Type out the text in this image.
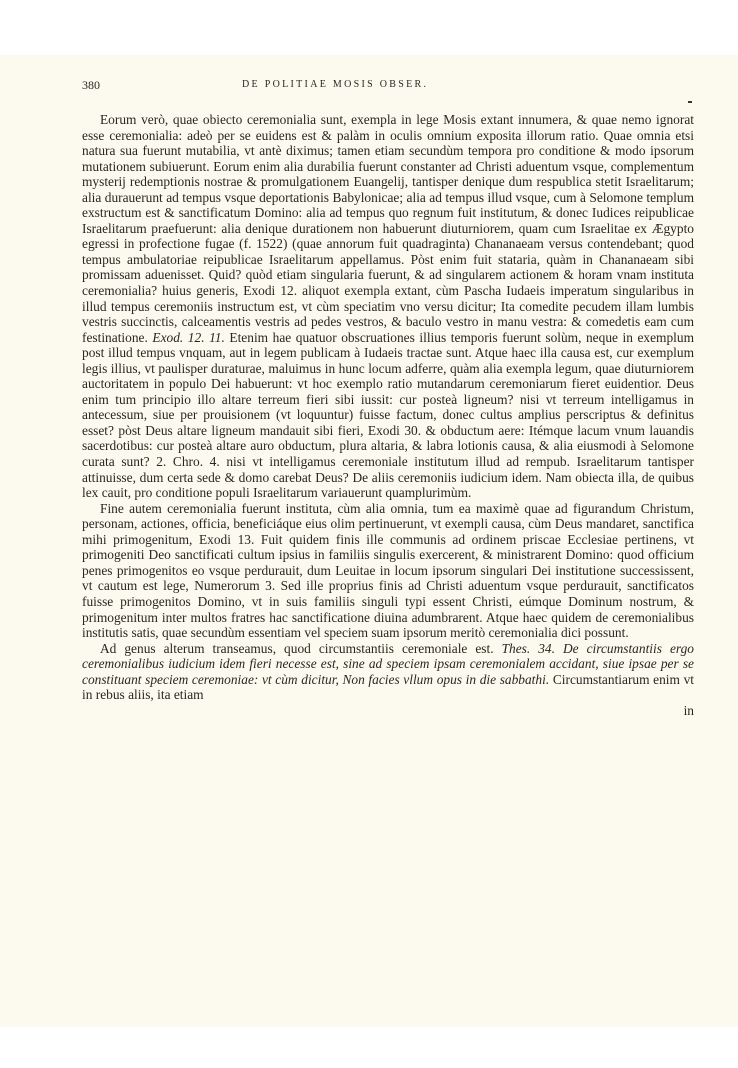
380	DE POLITIAE MOSIS OBSER.

Eorum verò, quae obiecto ceremonialia sunt, exempla in lege Mosis extant innumera, & quae nemo ignorat esse ceremonialia: adeò per se euidens est & palàm in oculis omnium exposita illorum ratio. Quae omnia etsi natura sua fuerunt mutabilia, vt antè diximus; tamen etiam secundùm tempora pro conditione & modo ipsorum mutationem subiuerunt. Eorum enim alia durabilia fuerunt constanter ad Christi aduentum vsque, complementum mysterij redemptionis nostrae & promulgationem Euangelij, tantisper denique dum respublica stetit Israelitarum; alia durauerunt ad tempus vsque deportationis Babylonicae; alia ad tempus illud vsque, cum à Selomone templum exstructum est & sanctificatum Domino: alia ad tempus quo regnum fuit institutum, & donec Iudices reipublicae Israelitarum praefuerunt: alia denique durationem non habuerunt diuturniorem, quam cum Israelitae ex Ægypto egressi in profectione fugae (f. 1522) (quae annorum fuit quadraginta) Chananaeam versus contendebant; quod tempus ambulatoriae reipublicae Israelitarum appellamus. Pòst enim fuit stataria, quàm in Chananaeam sibi promissam aduenisset. Quid? quòd etiam singularia fuerunt, & ad singularem actionem & horam vnam instituta ceremonialia? huius generis, Exodi 12. aliquot exempla extant, cùm Pascha Iudaeis imperatum singularibus in illud tempus ceremoniis instructum est, vt cùm speciatim vno versu dicitur; Ita comedite pecudem illam lumbis vestris succinctis, calceamentis vestris ad pedes vestros, & baculo vestro in manu vestra: & comedetis eam cum festinatione. Exod. 12. 11. Etenim hae quatuor obscruationes illius temporis fuerunt solùm, neque in exemplum post illud tempus vnquam, aut in legem publicam à Iudaeis tractae sunt. Atque haec illa causa est, cur exemplum legis illius, vt paulisper duraturae, maluimus in hunc locum adferre, quàm alia exempla legum, quae diuturniorem auctoritatem in populo Dei habuerunt: vt hoc exemplo ratio mutandarum ceremoniarum fieret euidentior. Deus enim tum principio illo altare terreum fieri sibi iussit: cur posteà ligneum? nisi vt terreum intelligamus in antecessum, siue per prouisionem (vt loquuntur) fuisse factum, donec cultus amplius perscriptus & definitus esset? pòst Deus altare ligneum mandauit sibi fieri, Exodi 30. & obductum aere: Itémque lacum vnum lauandis sacerdotibus: cur posteà altare auro obductum, plura altaria, & labra lotionis causa, & alia eiusmodi à Selomone curata sunt? 2. Chro. 4. nisi vt intelligamus ceremoniale institutum illud ad rempub. Israelitarum tantisper attinuisse, dum certa sede & domo carebat Deus? De aliis ceremoniis iudicium idem. Nam obiecta illa, de quibus lex cauit, pro conditione populi Israelitarum variauerunt quamplurimùm.

Fine autem ceremonialia fuerunt instituta, cùm alia omnia, tum ea maximè quae ad figurandum Christum, personam, actiones, officia, beneficiáque eius olim pertinuerunt, vt exempli causa, cùm Deus mandaret, sanctifica mihi primogenitum, Exodi 13. Fuit quidem finis ille communis ad ordinem priscae Ecclesiae pertinens, vt primogeniti Deo sanctificati cultum ipsius in familiis singulis exercerent, & ministrarent Domino: quod officium penes primogenitos eo vsque perdurauit, dum Leuitae in locum ipsorum singulari Dei institutione successissent, vt cautum est lege, Numerorum 3. Sed ille proprius finis ad Christi aduentum vsque perdurauit, sanctificatos fuisse primogenitos Domino, vt in suis familiis singuli typi essent Christi, eúmque Dominum nostrum, & primogenitum inter multos fratres hac sanctificatione diuina adumbrarent. Atque haec quidem de ceremonialibus institutis satis, quae secundùm essentiam vel speciem suam ipsorum meritò ceremonialia dici possunt.

Ad genus alterum transeamus, quod circumstantiis ceremoniale est. Thes. 34. De circumstantiis ergo ceremonialibus iudicium idem fieri necesse est, sine ad speciem ipsam ceremonialem accidant, siue ipsae per se constituant speciem ceremoniae: vt cùm dicitur, Non facies vllum opus in die sabbathi. Circumstantiarum enim vt in rebus aliis, ita etiam

in
